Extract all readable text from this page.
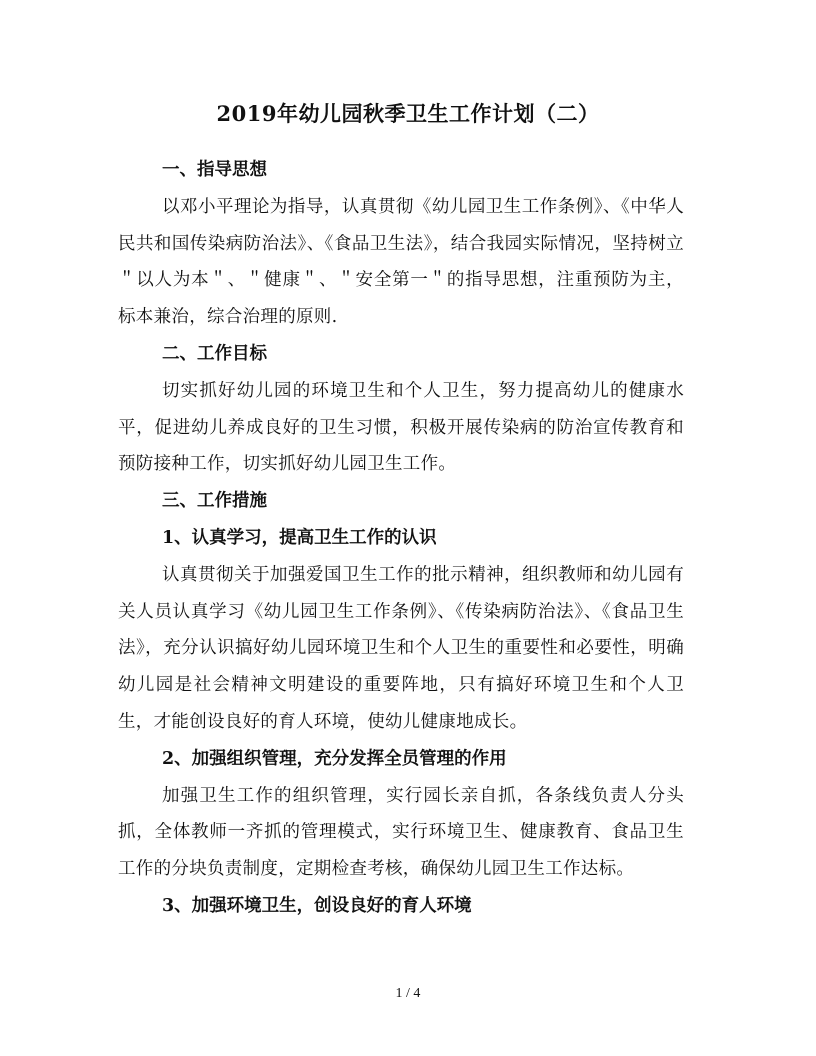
2019年幼儿园秋季卫生工作计划（二）
一、指导思想

以邓小平理论为指导，认真贯彻《幼儿园卫生工作条例》、《中华人民共和国传染病防治法》、《食品卫生法》，结合我园实际情况，坚持树立＂以人为本＂、＂健康＂、＂安全第一＂的指导思想，注重预防为主，标本兼治，综合治理的原则.

二、工作目标

切实抓好幼儿园的环境卫生和个人卫生，努力提高幼儿的健康水平，促进幼儿养成良好的卫生习惯，积极开展传染病的防治宣传教育和预防接种工作，切实抓好幼儿园卫生工作。

三、工作措施
1、认真学习，提高卫生工作的认识

认真贯彻关于加强爱国卫生工作的批示精神，组织教师和幼儿园有关人员认真学习《幼儿园卫生工作条例》、《传染病防治法》、《食品卫生法》，充分认识搞好幼儿园环境卫生和个人卫生的重要性和必要性，明确幼儿园是社会精神文明建设的重要阵地，只有搞好环境卫生和个人卫生，才能创设良好的育人环境，使幼儿健康地成长。

2、加强组织管理，充分发挥全员管理的作用

加强卫生工作的组织管理，实行园长亲自抓，各条线负责人分头抓，全体教师一齐抓的管理模式，实行环境卫生、健康教育、食品卫生工作的分块负责制度，定期检查考核，确保幼儿园卫生工作达标。

3、加强环境卫生，创设良好的育人环境
1 / 4
